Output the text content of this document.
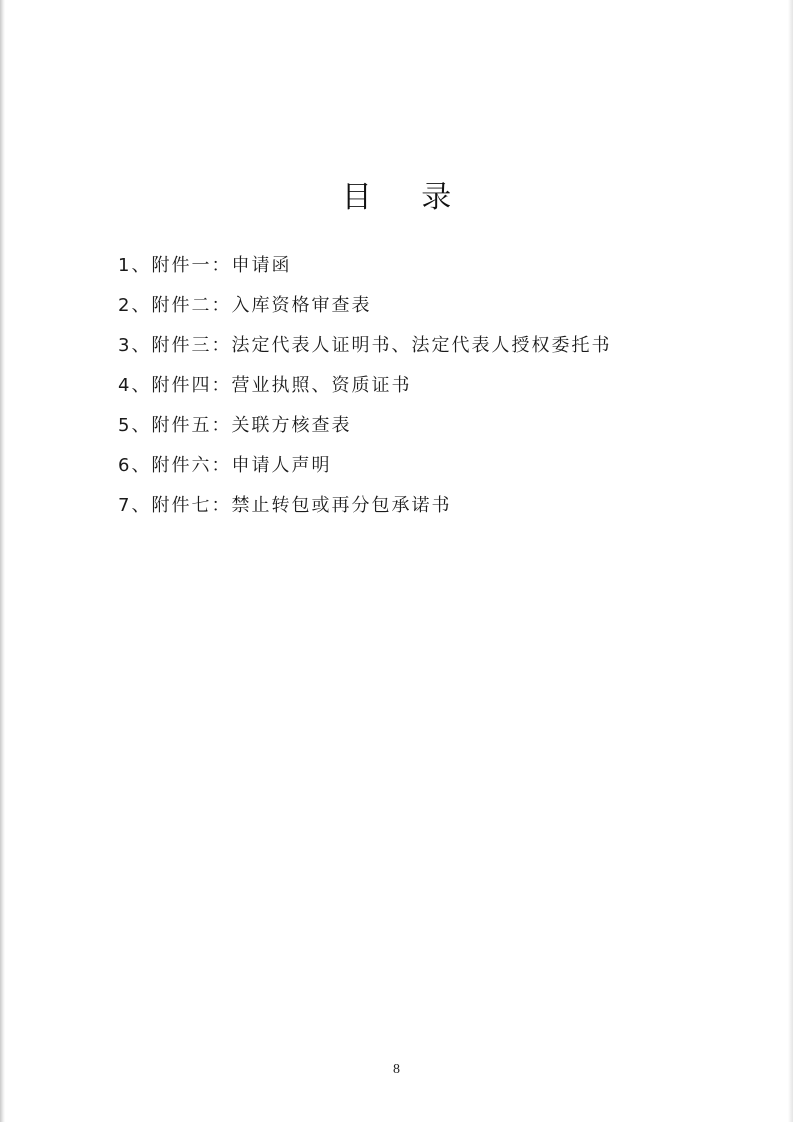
目 录
1、附件一：申请函
2、附件二：入库资格审查表
3、附件三：法定代表人证明书、法定代表人授权委托书
4、附件四：营业执照、资质证书
5、附件五：关联方核查表
6、附件六：申请人声明
7、附件七：禁止转包或再分包承诺书
8
